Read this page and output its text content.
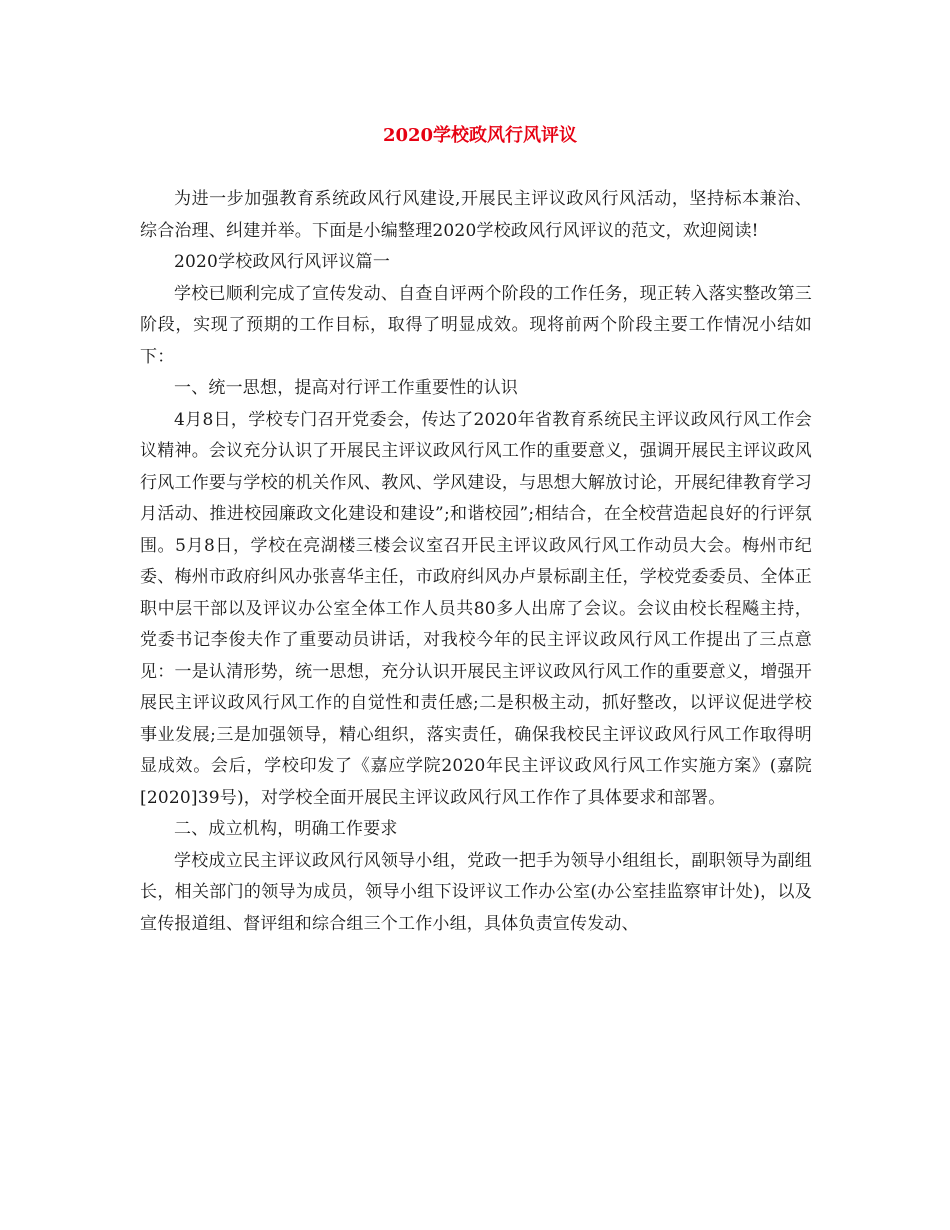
2020学校政风行风评议

为进一步加强教育系统政风行风建设,开展民主评议政风行风活动，坚持标本兼治、综合治理、纠建并举。下面是小编整理2020学校政风行风评议的范文，欢迎阅读!

2020学校政风行风评议篇一

学校已顺利完成了宣传发动、自查自评两个阶段的工作任务，现正转入落实整改第三阶段，实现了预期的工作目标，取得了明显成效。现将前两个阶段主要工作情况小结如下：

一、统一思想，提高对行评工作重要性的认识

4月8日，学校专门召开党委会，传达了2020年省教育系统民主评议政风行风工作会议精神。会议充分认识了开展民主评议政风行风工作的重要意义，强调开展民主评议政风行风工作要与学校的机关作风、教风、学风建设，与思想大解放讨论，开展纪律教育学习月活动、推进校园廉政文化建设和建设”;和谐校园”;相结合，在全校营造起良好的行评氛围。5月8日，学校在亮湖楼三楼会议室召开民主评议政风行风工作动员大会。梅州市纪委、梅州市政府纠风办张喜华主任，市政府纠风办卢景标副主任，学校党委委员、全体正职中层干部以及评议办公室全体工作人员共80多人出席了会议。会议由校长程飚主持，党委书记李俊夫作了重要动员讲话，对我校今年的民主评议政风行风工作提出了三点意见：一是认清形势，统一思想，充分认识开展民主评议政风行风工作的重要意义，增强开展民主评议政风行风工作的自觉性和责任感;二是积极主动，抓好整改，以评议促进学校事业发展;三是加强领导，精心组织，落实责任，确保我校民主评议政风行风工作取得明显成效。会后，学校印发了《嘉应学院2020年民主评议政风行风工作实施方案》(嘉院[2020]39号)，对学校全面开展民主评议政风行风工作作了具体要求和部署。

二、成立机构，明确工作要求

学校成立民主评议政风行风领导小组，党政一把手为领导小组组长，副职领导为副组长，相关部门的领导为成员，领导小组下设评议工作办公室(办公室挂监察审计处)，以及宣传报道组、督评组和综合组三个工作小组，具体负责宣传发动、
